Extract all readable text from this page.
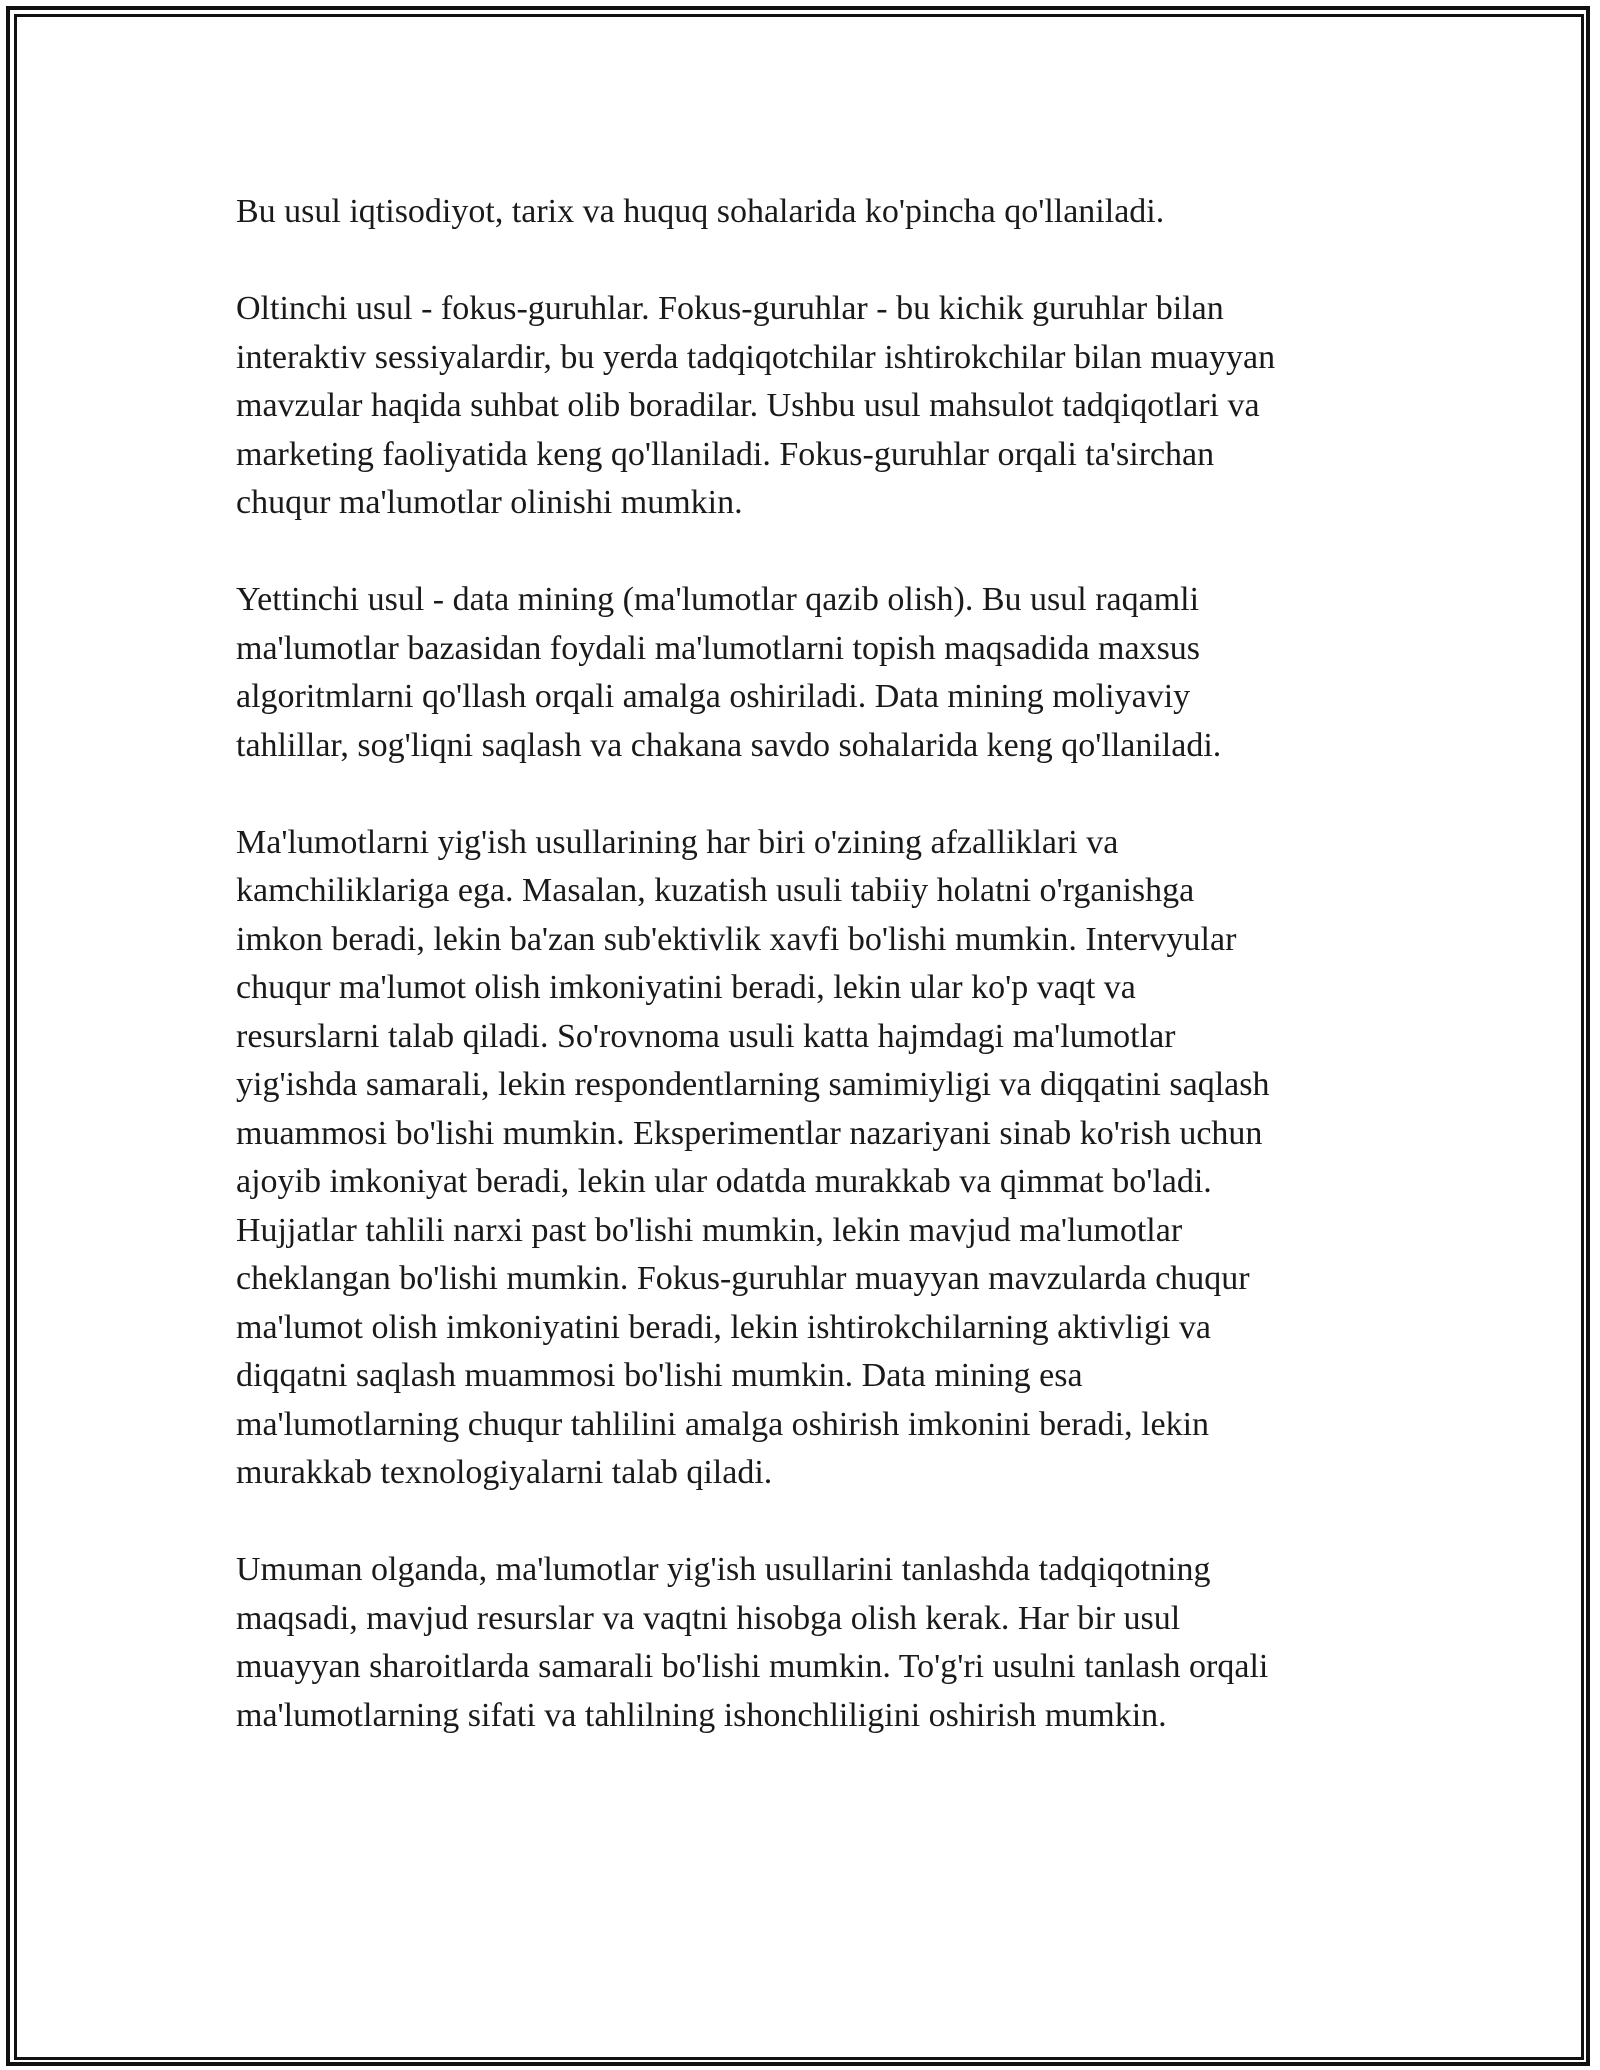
Bu usul iqtisodiyot, tarix va huquq sohalarida ko'pincha qo'llaniladi.

Oltinchi usul - fokus-guruhlar. Fokus-guruhlar - bu kichik guruhlar bilan
interaktiv sessiyalardir, bu yerda tadqiqotchilar ishtirokchilar bilan muayyan
mavzular haqida suhbat olib boradilar. Ushbu usul mahsulot tadqiqotlari va
marketing faoliyatida keng qo'llaniladi. Fokus-guruhlar orqali ta'sirchan
chuqur ma'lumotlar olinishi mumkin.

Yettinchi usul - data mining (ma'lumotlar qazib olish). Bu usul raqamli
ma'lumotlar bazasidan foydali ma'lumotlarni topish maqsadida maxsus
algoritmlarni qo'llash orqali amalga oshiriladi. Data mining moliyaviy
tahlillar, sog'liqni saqlash va chakana savdo sohalarida keng qo'llaniladi.

Ma'lumotlarni yig'ish usullarining har biri o'zining afzalliklari va
kamchiliklariga ega. Masalan, kuzatish usuli tabiiy holatni o'rganishga
imkon beradi, lekin ba'zan sub'ektivlik xavfi bo'lishi mumkin. Intervyular
chuqur ma'lumot olish imkoniyatini beradi, lekin ular ko'p vaqt va
resurslarni talab qiladi. So'rovnoma usuli katta hajmdagi ma'lumotlar
yig'ishda samarali, lekin respondentlarning samimiyligi va diqqatini saqlash
muammosi bo'lishi mumkin. Eksperimentlar nazariyani sinab ko'rish uchun
ajoyib imkoniyat beradi, lekin ular odatda murakkab va qimmat bo'ladi.
Hujjatlar tahlili narxi past bo'lishi mumkin, lekin mavjud ma'lumotlar
cheklangan bo'lishi mumkin. Fokus-guruhlar muayyan mavzularda chuqur
ma'lumot olish imkoniyatini beradi, lekin ishtirokchilarning aktivligi va
diqqatni saqlash muammosi bo'lishi mumkin. Data mining esa
ma'lumotlarning chuqur tahlilini amalga oshirish imkonini beradi, lekin
murakkab texnologiyalarni talab qiladi.

Umuman olganda, ma'lumotlar yig'ish usullarini tanlashda tadqiqotning
maqsadi, mavjud resurslar va vaqtni hisobga olish kerak. Har bir usul
muayyan sharoitlarda samarali bo'lishi mumkin. To'g'ri usulni tanlash orqali
ma'lumotlarning sifati va tahlilning ishonchliligini oshirish mumkin.
